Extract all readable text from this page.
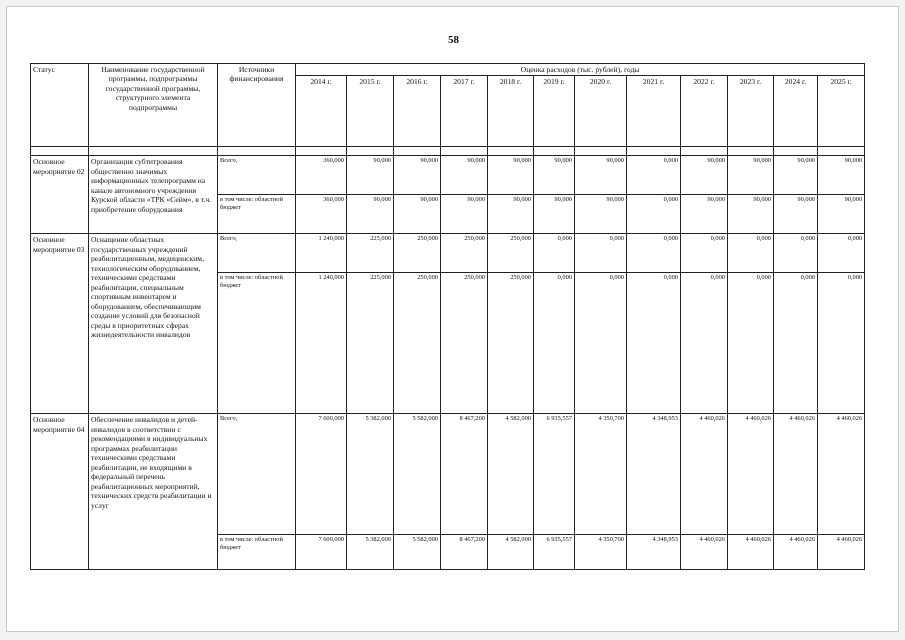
58
Статус	Наименование государственной программы, подпрограммы государственной программы, структурного элемента подпрограммы	Источники финансирования	Оценка расходов (тыс. рублей), годы											
			2014 г.	2015 г.	2016 г.	2017 г.	2018 г.	2019 г.	2020 г.	2021 г.	2022 г.	2023 г.	2024 г.	2025 г.

Основное мероприятие 02	Организация субтитрования общественно значимых информационных телепрограмм на канале автономного учреждения Курской области «ТРК «Сейм», в т.ч. приобретение оборудования	Всего,	360,000	90,000	90,000	90,000	90,000	90,000	90,000	0,000	90,000	90,000	90,000	90,000
		в том числе: областной бюджет	360,000	90,000	90,000	90,000	90,000	90,000	90,000	0,000	90,000	90,000	90,000	90,000
Основное мероприятие 03	Оснащение областных государственных учреждений реабилитационным, медицинским, технологическим оборудованием, техническими средствами реабилитации, специальным спортивным инвентарем и оборудованием, обеспечивающим создание условий для безопасной среды в приоритетных сферах жизнедеятельности инвалидов	Всего,	1 240,000	225,000	250,000	250,000	250,000	0,000	0,000	0,000	0,000	0,000	0,000	0,000
		в том числе: областной бюджет	1 240,000	225,000	250,000	250,000	250,000	0,000	0,000	0,000	0,000	0,000	0,000	0,000
Основное мероприятие 04	Обеспечение инвалидов и детей-инвалидов в соответствии с рекомендациями в индивидуальных программах реабилитации техническими средствами реабилитации, не входящими в федеральный перечень реабилитационных мероприятий, технических средств реабилитации и услуг	Всего,	7 600,000	5 382,000	5 582,000	8 467,200	4 582,000	6 935,557	4 350,700	4 348,953	4 460,026	4 460,026	4 460,026	4 460,026
		в том числе: областной бюджет	7 600,000	5 382,000	5 582,000	8 467,200	4 582,000	6 935,557	4 350,700	4 348,953	4 460,026	4 460,026	4 460,026	4 460,026
